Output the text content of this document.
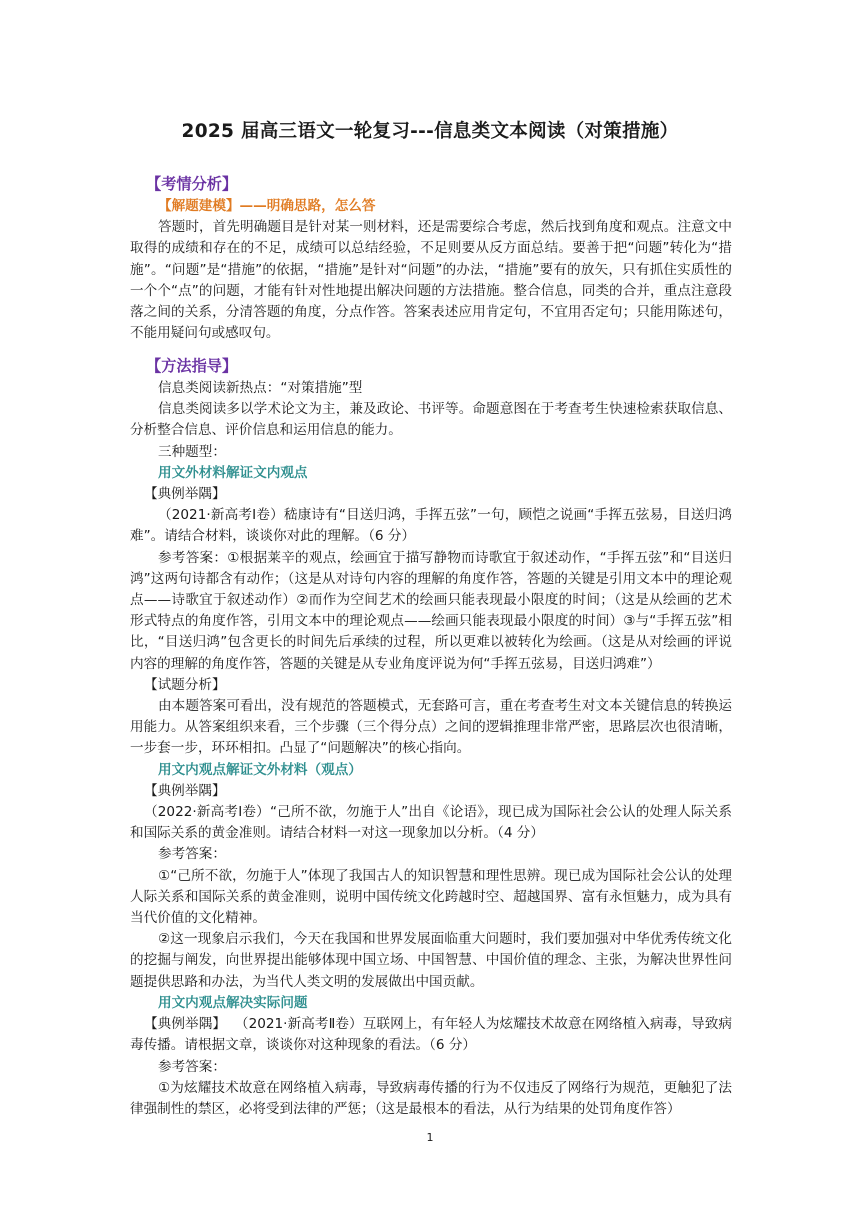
2025 届高三语文一轮复习---信息类文本阅读（对策措施）

【考情分析】

【解题建模】——明确思路，怎么答

答题时，首先明确题目是针对某一则材料，还是需要综合考虑，然后找到角度和观点。注意文中取得的成绩和存在的不足，成绩可以总结经验，不足则要从反方面总结。要善于把“问题”转化为“措施”。“问题”是“措施”的依据，“措施”是针对“问题”的办法，“措施”要有的放矢，只有抓住实质性的一个个“点”的问题，才能有针对性地提出解决问题的方法措施。整合信息，同类的合并，重点注意段落之间的关系，分清答题的角度，分点作答。答案表述应用肯定句，不宜用否定句；只能用陈述句，不能用疑问句或感叹句。

【方法指导】

信息类阅读新热点：“对策措施”型

信息类阅读多以学术论文为主，兼及政论、书评等。命题意图在于考查考生快速检索获取信息、分析整合信息、评价信息和运用信息的能力。

三种题型：

用文外材料解证文内观点

【典例举隅】

（2021·新高考Ⅰ卷）嵇康诗有“目送归鸿，手挥五弦”一句，顾恺之说画“手挥五弦易，目送归鸿难”。请结合材料，谈谈你对此的理解。（6 分）

参考答案：①根据莱辛的观点，绘画宜于描写静物而诗歌宜于叙述动作，“手挥五弦”和“目送归鸿”这两句诗都含有动作；（这是从对诗句内容的理解的角度作答，答题的关键是引用文本中的理论观点——诗歌宜于叙述动作）②而作为空间艺术的绘画只能表现最小限度的时间；（这是从绘画的艺术形式特点的角度作答，引用文本中的理论观点——绘画只能表现最小限度的时间）③与“手挥五弦”相比，“目送归鸿”包含更长的时间先后承续的过程，所以更难以被转化为绘画。（这是从对绘画的评说内容的理解的角度作答，答题的关键是从专业角度评说为何“手挥五弦易，目送归鸿难”）

【试题分析】

由本题答案可看出，没有规范的答题模式，无套路可言，重在考查考生对文本关键信息的转换运用能力。从答案组织来看，三个步骤（三个得分点）之间的逻辑推理非常严密，思路层次也很清晰，一步套一步，环环相扣。凸显了“问题解决”的核心指向。

用文内观点解证文外材料（观点）

【典例举隅】

（2022·新高考Ⅰ卷）“己所不欲，勿施于人”出自《论语》，现已成为国际社会公认的处理人际关系和国际关系的黄金准则。请结合材料一对这一现象加以分析。（4 分）

参考答案：

①“己所不欲，勿施于人”体现了我国古人的知识智慧和理性思辨。现已成为国际社会公认的处理人际关系和国际关系的黄金准则，说明中国传统文化跨越时空、超越国界、富有永恒魅力，成为具有当代价值的文化精神。

②这一现象启示我们，今天在我国和世界发展面临重大问题时，我们要加强对中华优秀传统文化的挖掘与阐发，向世界提出能够体现中国立场、中国智慧、中国价值的理念、主张，为解决世界性问题提供思路和办法，为当代人类文明的发展做出中国贡献。

用文内观点解决实际问题

【典例举隅】 （2021·新高考Ⅱ卷）互联网上，有年轻人为炫耀技术故意在网络植入病毒，导致病毒传播。请根据文章，谈谈你对这种现象的看法。（6 分）

参考答案：

①为炫耀技术故意在网络植入病毒，导致病毒传播的行为不仅违反了网络行为规范，更触犯了法律强制性的禁区，必将受到法律的严惩；（这是最根本的看法，从行为结果的处罚角度作答）

1
